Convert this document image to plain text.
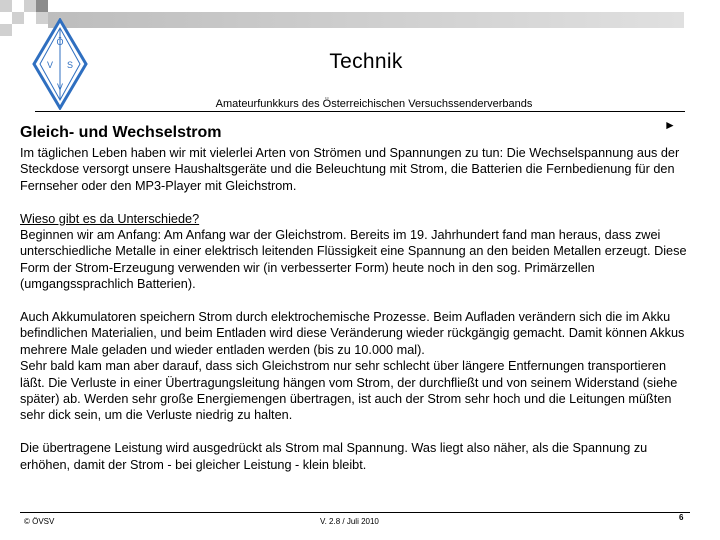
Ö
V S
V
Technik
Amateurfunkkurs des Österreichischen Versuchssenderverbands
Gleich- und Wechselstrom	►

Im täglichen Leben haben wir mit vielerlei Arten von Strömen und Spannungen zu tun: Die Wechselspannung aus der Steckdose versorgt unsere Haushaltsgeräte und die Beleuchtung mit Strom, die Batterien die Fernbedienung für den Fernseher oder den MP3-Player mit Gleichstrom.

Wieso gibt es da Unterschiede?
Beginnen wir am Anfang: Am Anfang war der Gleichstrom. Bereits im 19. Jahrhundert fand man heraus, dass zwei unterschiedliche Metalle in einer elektrisch leitenden Flüssigkeit eine Spannung an den beiden Metallen erzeugt. Diese Form der Strom-Erzeugung verwenden wir (in verbesserter Form) heute noch in den sog. Primärzellen (umgangssprachlich Batterien).

Auch Akkumulatoren speichern Strom durch elektrochemische Prozesse. Beim Aufladen verändern sich die im Akku befindlichen Materialien, und beim Entladen wird diese Veränderung wieder rückgängig gemacht. Damit können Akkus mehrere Male geladen und wieder entladen werden (bis zu 10.000 mal).
Sehr bald kam man aber darauf, dass sich Gleichstrom nur sehr schlecht über längere Entfernungen transportieren läßt. Die Verluste in einer Übertragungsleitung hängen vom Strom, der durchfließt und von seinem Widerstand (siehe später) ab. Werden sehr große Energiemengen übertragen, ist auch der Strom sehr hoch und die Leitungen müßten sehr dick sein, um die Verluste niedrig zu halten.

Die übertragene Leistung wird ausgedrückt als Strom mal Spannung. Was liegt also näher, als die Spannung zu erhöhen, damit der Strom - bei gleicher Leistung - klein bleibt.

© ÖVSV	V. 2.8 / Juli 2010	6
